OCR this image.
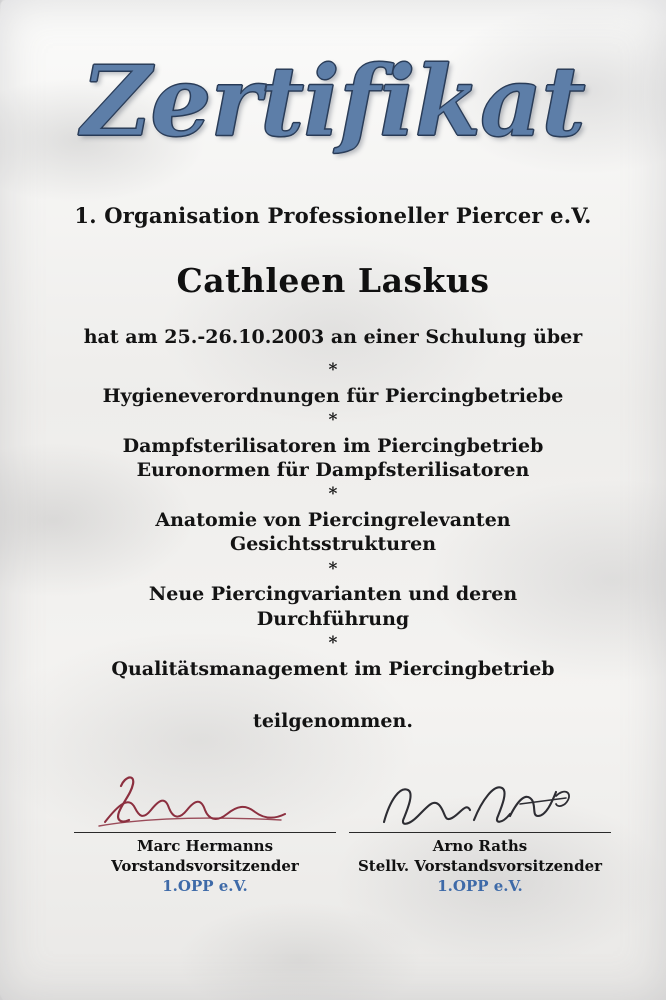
Zertifikat
1. Organisation Professioneller Piercer e.V.
Cathleen Laskus
hat am 25.-26.10.2003 an einer Schulung über
*
Hygieneverordnungen für Piercingbetriebe
*
Dampfsterilisatoren im Piercingbetrieb
Euronormen für Dampfsterilisatoren
*
Anatomie von Piercingrelevanten
Gesichtsstrukturen
*
Neue Piercingvarianten und deren
Durchführung
*
Qualitätsmanagement im Piercingbetrieb
teilgenommen.
Marc Hermanns
Vorstandsvorsitzender
1.OPP e.V.
Arno Raths
Stellv. Vorstandsvorsitzender
1.OPP e.V.
